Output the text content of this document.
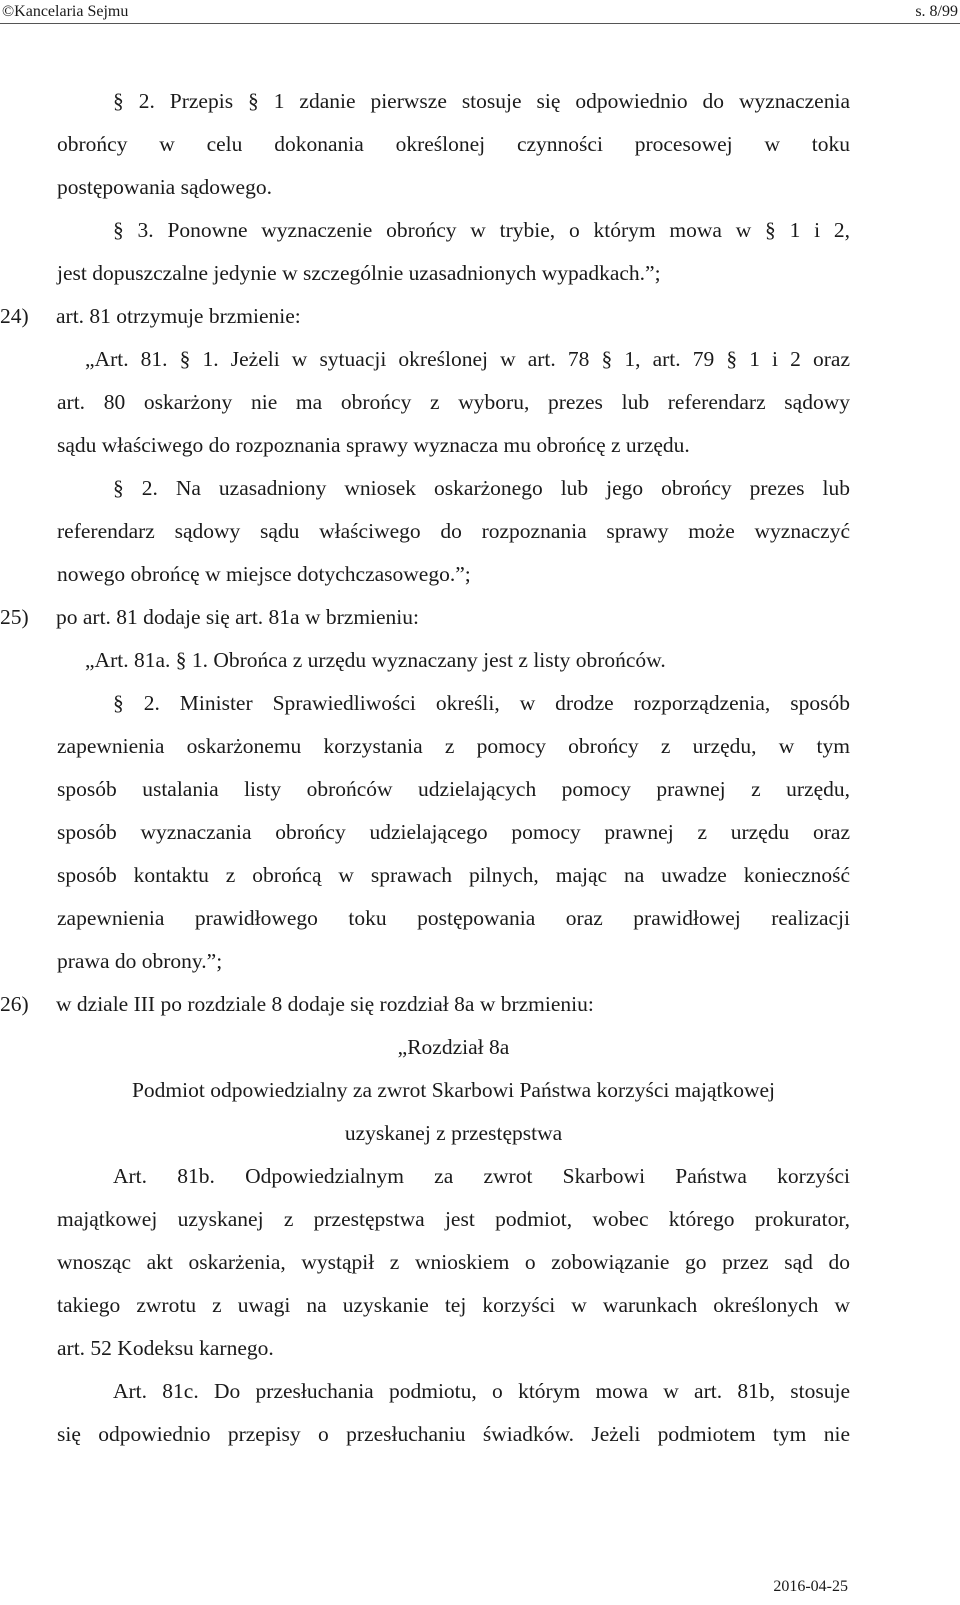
©Kancelaria Sejmu	s. 8/99

§ 2. Przepis § 1 zdanie pierwsze stosuje się odpowiednio do wyznaczenia

obrońcy w celu dokonania określonej czynności procesowej w toku

postępowania sądowego.

§ 3. Ponowne wyznaczenie obrońcy w trybie, o którym mowa w § 1 i 2,

jest dopuszczalne jedynie w szczególnie uzasadnionych wypadkach.”;

24) art. 81 otrzymuje brzmienie:

„Art. 81. § 1. Jeżeli w sytuacji określonej w art. 78 § 1, art. 79 § 1 i 2 oraz

art. 80 oskarżony nie ma obrońcy z wyboru, prezes lub referendarz sądowy

sądu właściwego do rozpoznania sprawy wyznacza mu obrońcę z urzędu.

§ 2. Na uzasadniony wniosek oskarżonego lub jego obrońcy prezes lub

referendarz sądowy sądu właściwego do rozpoznania sprawy może wyznaczyć

nowego obrońcę w miejsce dotychczasowego.”;

25) po art. 81 dodaje się art. 81a w brzmieniu:

„Art. 81a. § 1. Obrońca z urzędu wyznaczany jest z listy obrońców.

§ 2. Minister Sprawiedliwości określi, w drodze rozporządzenia, sposób

zapewnienia oskarżonemu korzystania z pomocy obrońcy z urzędu, w tym

sposób ustalania listy obrońców udzielających pomocy prawnej z urzędu,

sposób wyznaczania obrońcy udzielającego pomocy prawnej z urzędu oraz

sposób kontaktu z obrońcą w sprawach pilnych, mając na uwadze konieczność

zapewnienia prawidłowego toku postępowania oraz prawidłowej realizacji

prawa do obrony.”;

26) w dziale III po rozdziale 8 dodaje się rozdział 8a w brzmieniu:

„Rozdział 8a

Podmiot odpowiedzialny za zwrot Skarbowi Państwa korzyści majątkowej

uzyskanej z przestępstwa

Art. 81b. Odpowiedzialnym za zwrot Skarbowi Państwa korzyści

majątkowej uzyskanej z przestępstwa jest podmiot, wobec którego prokurator,

wnosząc akt oskarżenia, wystąpił z wnioskiem o zobowiązanie go przez sąd do

takiego zwrotu z uwagi na uzyskanie tej korzyści w warunkach określonych w

art. 52 Kodeksu karnego.

Art. 81c. Do przesłuchania podmiotu, o którym mowa w art. 81b, stosuje

się odpowiednio przepisy o przesłuchaniu świadków. Jeżeli podmiotem tym nie

2016-04-25
